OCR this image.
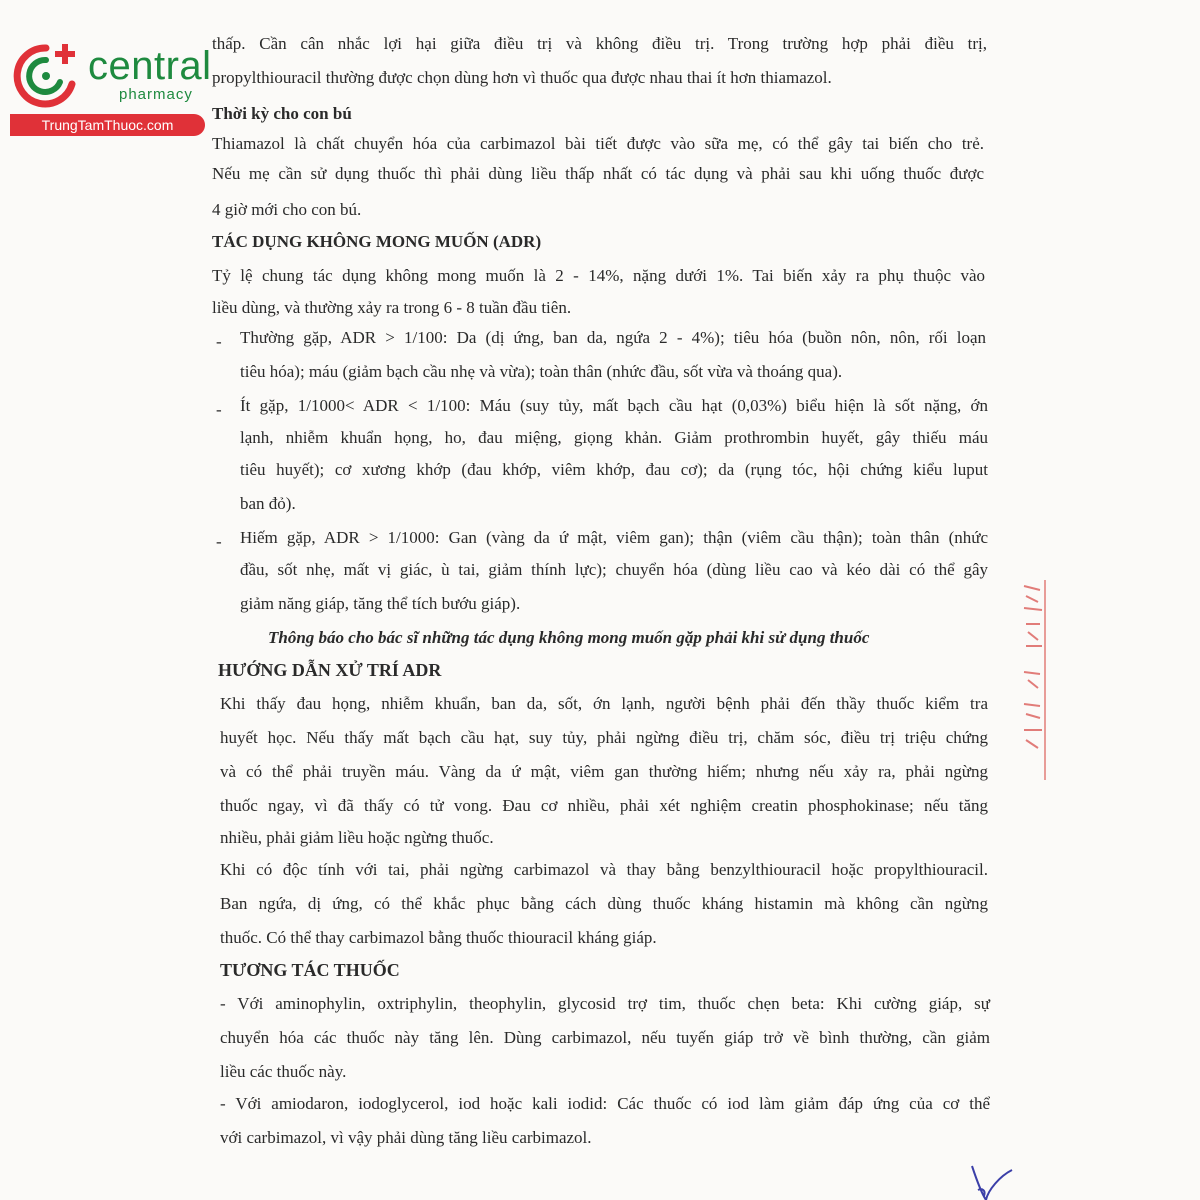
central
pharmacy
TrungTamThuoc.com
thấp. Cần cân nhắc lợi hại giữa điều trị và không điều trị. Trong trường hợp phải điều trị,
propylthiouracil thường được chọn dùng hơn vì thuốc qua được nhau thai ít hơn thiamazol.
Thời kỳ cho con bú
Thiamazol là chất chuyển hóa của carbimazol bài tiết được vào sữa mẹ, có thể gây tai biến cho trẻ.
Nếu mẹ cần sử dụng thuốc thì phải dùng liều thấp nhất có tác dụng và phải sau khi uống thuốc được
4 giờ mới cho con bú.
TÁC DỤNG KHÔNG MONG MUỐN (ADR)
Tỷ lệ chung tác dụng không mong muốn là 2 - 14%, nặng dưới 1%. Tai biến xảy ra phụ thuộc vào
liều dùng, và thường xảy ra trong 6 - 8 tuần đầu tiên.
- Thường gặp, ADR > 1/100: Da (dị ứng, ban da, ngứa 2 - 4%); tiêu hóa (buồn nôn, nôn, rối loạn
tiêu hóa); máu (giảm bạch cầu nhẹ và vừa); toàn thân (nhức đầu, sốt vừa và thoáng qua).
- Ít gặp, 1/1000< ADR < 1/100: Máu (suy tủy, mất bạch cầu hạt (0,03%) biểu hiện là sốt nặng, ớn
lạnh, nhiễm khuẩn họng, ho, đau miệng, giọng khản. Giảm prothrombin huyết, gây thiếu máu
tiêu huyết); cơ xương khớp (đau khớp, viêm khớp, đau cơ); da (rụng tóc, hội chứng kiểu luput
ban đỏ).
- Hiếm gặp, ADR > 1/1000: Gan (vàng da ứ mật, viêm gan); thận (viêm cầu thận); toàn thân (nhức
đầu, sốt nhẹ, mất vị giác, ù tai, giảm thính lực); chuyển hóa (dùng liều cao và kéo dài có thể gây
giảm năng giáp, tăng thể tích bướu giáp).
Thông báo cho bác sĩ những tác dụng không mong muốn gặp phải khi sử dụng thuốc
HƯỚNG DẪN XỬ TRÍ ADR
Khi thấy đau họng, nhiễm khuẩn, ban da, sốt, ớn lạnh, người bệnh phải đến thầy thuốc kiểm tra
huyết học. Nếu thấy mất bạch cầu hạt, suy tủy, phải ngừng điều trị, chăm sóc, điều trị triệu chứng
và có thể phải truyền máu. Vàng da ứ mật, viêm gan thường hiếm; nhưng nếu xảy ra, phải ngừng
thuốc ngay, vì đã thấy có tử vong. Đau cơ nhiều, phải xét nghiệm creatin phosphokinase; nếu tăng
nhiều, phải giảm liều hoặc ngừng thuốc.
Khi có độc tính với tai, phải ngừng carbimazol và thay bằng benzylthiouracil hoặc propylthiouracil.
Ban ngứa, dị ứng, có thể khắc phục bằng cách dùng thuốc kháng histamin mà không cần ngừng
thuốc. Có thể thay carbimazol bằng thuốc thiouracil kháng giáp.
TƯƠNG TÁC THUỐC
- Với aminophylin, oxtriphylin, theophylin, glycosid trợ tim, thuốc chẹn beta: Khi cường giáp, sự
chuyển hóa các thuốc này tăng lên. Dùng carbimazol, nếu tuyến giáp trở về bình thường, cần giảm
liều các thuốc này.
- Với amiodaron, iodoglycerol, iod hoặc kali iodid: Các thuốc có iod làm giảm đáp ứng của cơ thể
với carbimazol, vì vậy phải dùng tăng liều carbimazol.
